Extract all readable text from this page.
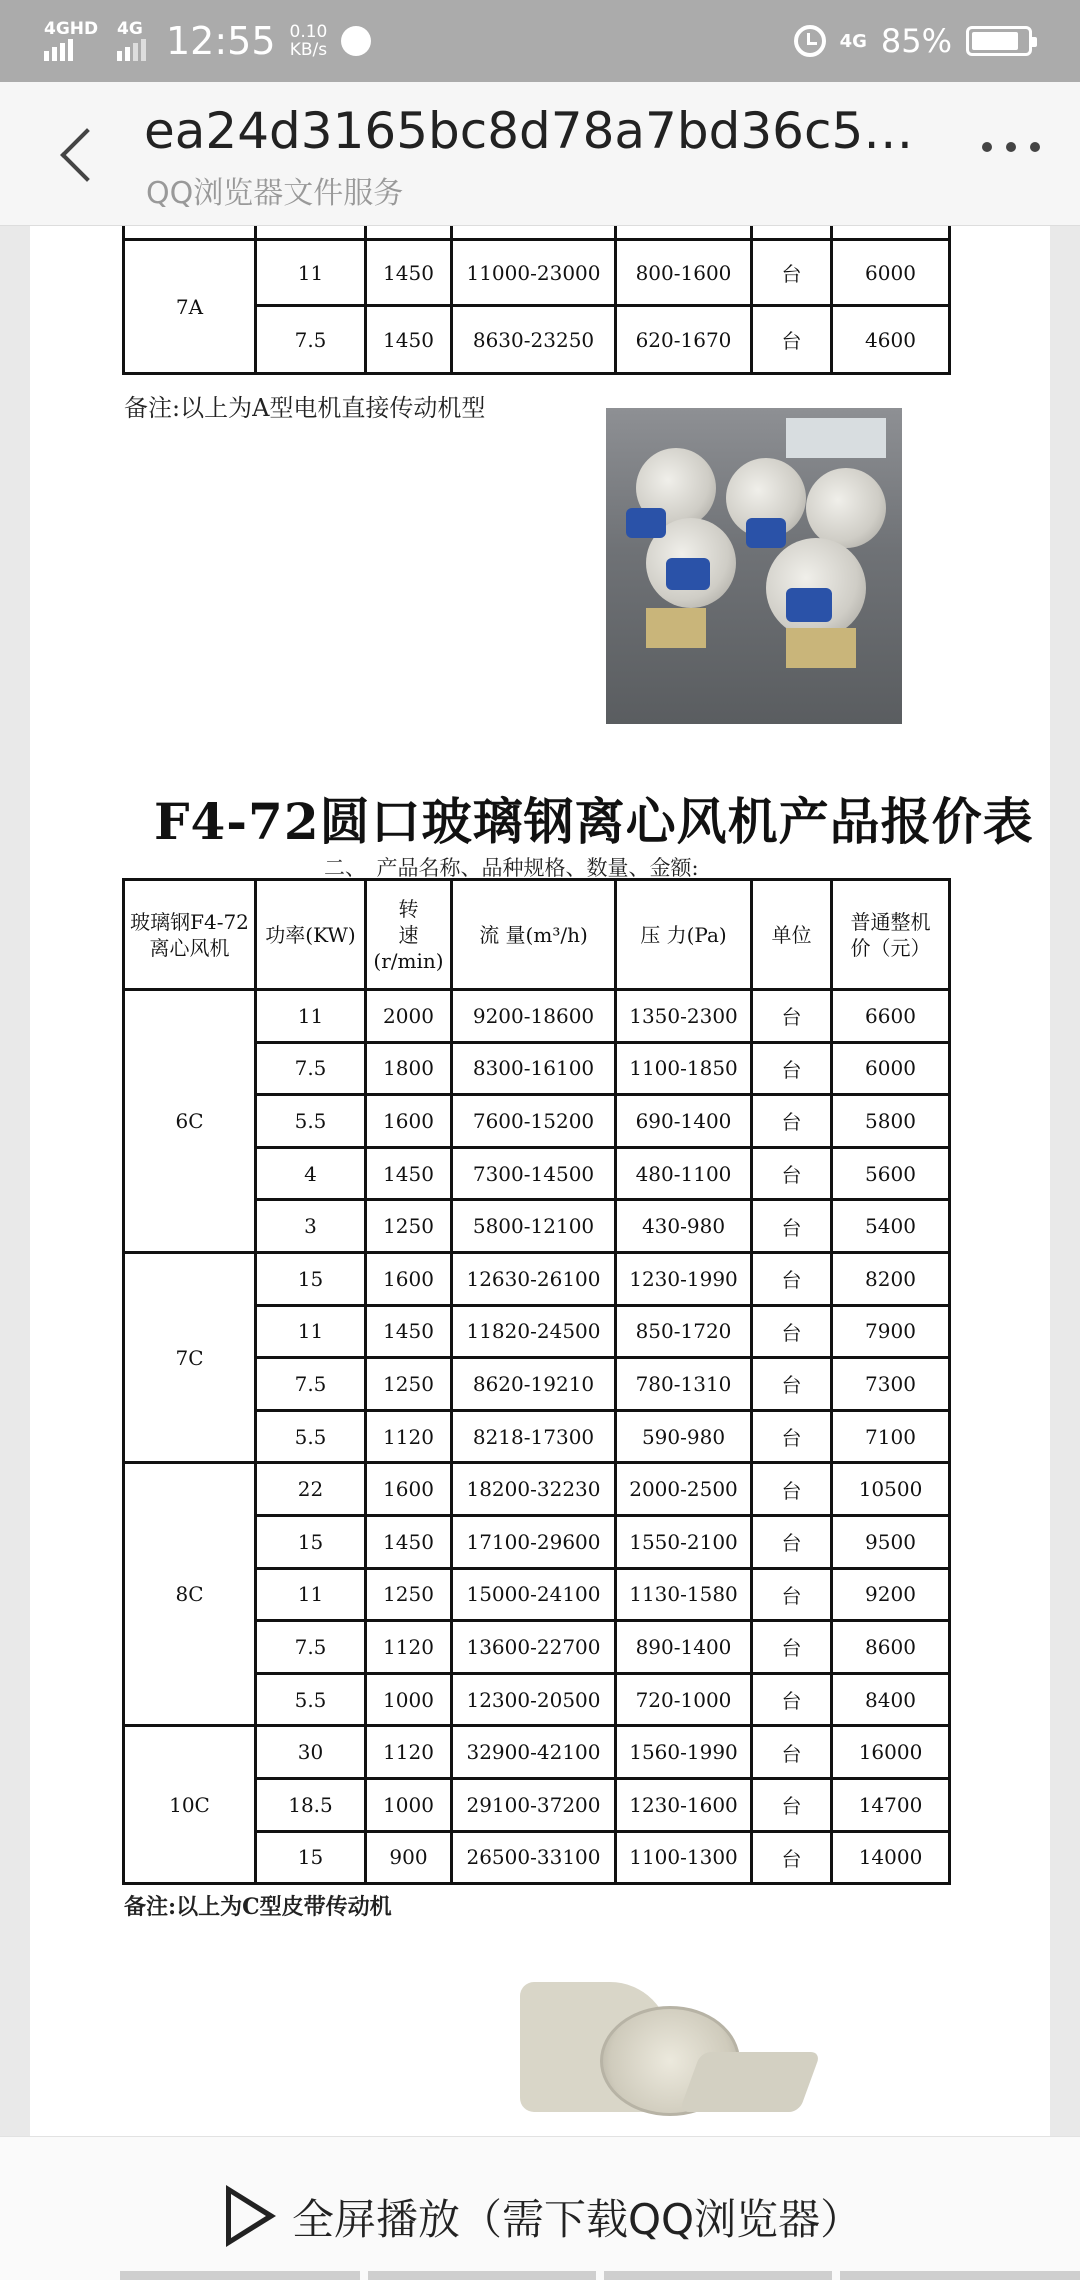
4GHD 4G 12:55 0.10
KB/s	4G 85%
ea24d3165bc8d78a7bd36c5…
QQ浏览器文件服务

7A	11	1450	11000-23000	800-1600	台	6000
	7.5	1450	8630-23250	620-1670	台	4600
备注:以上为A型电机直接传动机型
F4-72圆口玻璃钢离心风机产品报价表
二、　产品名称、品种规格、数量、金额:
玻璃钢F4-72
离心风机	功率(KW)	转
速
(r/min)	流 量(m³/h)	压 力(Pa)	单位	普通整机
价（元）
6C	11	2000	9200-18600	1350-2300	台	6600
	7.5	1800	8300-16100	1100-1850	台	6000
	5.5	1600	7600-15200	690-1400	台	5800
	4	1450	7300-14500	480-1100	台	5600
	3	1250	5800-12100	430-980	台	5400
7C	15	1600	12630-26100	1230-1990	台	8200
	11	1450	11820-24500	850-1720	台	7900
	7.5	1250	8620-19210	780-1310	台	7300
	5.5	1120	8218-17300	590-980	台	7100
8C	22	1600	18200-32230	2000-2500	台	10500
	15	1450	17100-29600	1550-2100	台	9500
	11	1250	15000-24100	1130-1580	台	9200
	7.5	1120	13600-22700	890-1400	台	8600
	5.5	1000	12300-20500	720-1000	台	8400
10C	30	1120	32900-42100	1560-1990	台	16000
	18.5	1000	29100-37200	1230-1600	台	14700
	15	900	26500-33100	1100-1300	台	14000
备注:以上为C型皮带传动机
全屏播放（需下载QQ浏览器）
